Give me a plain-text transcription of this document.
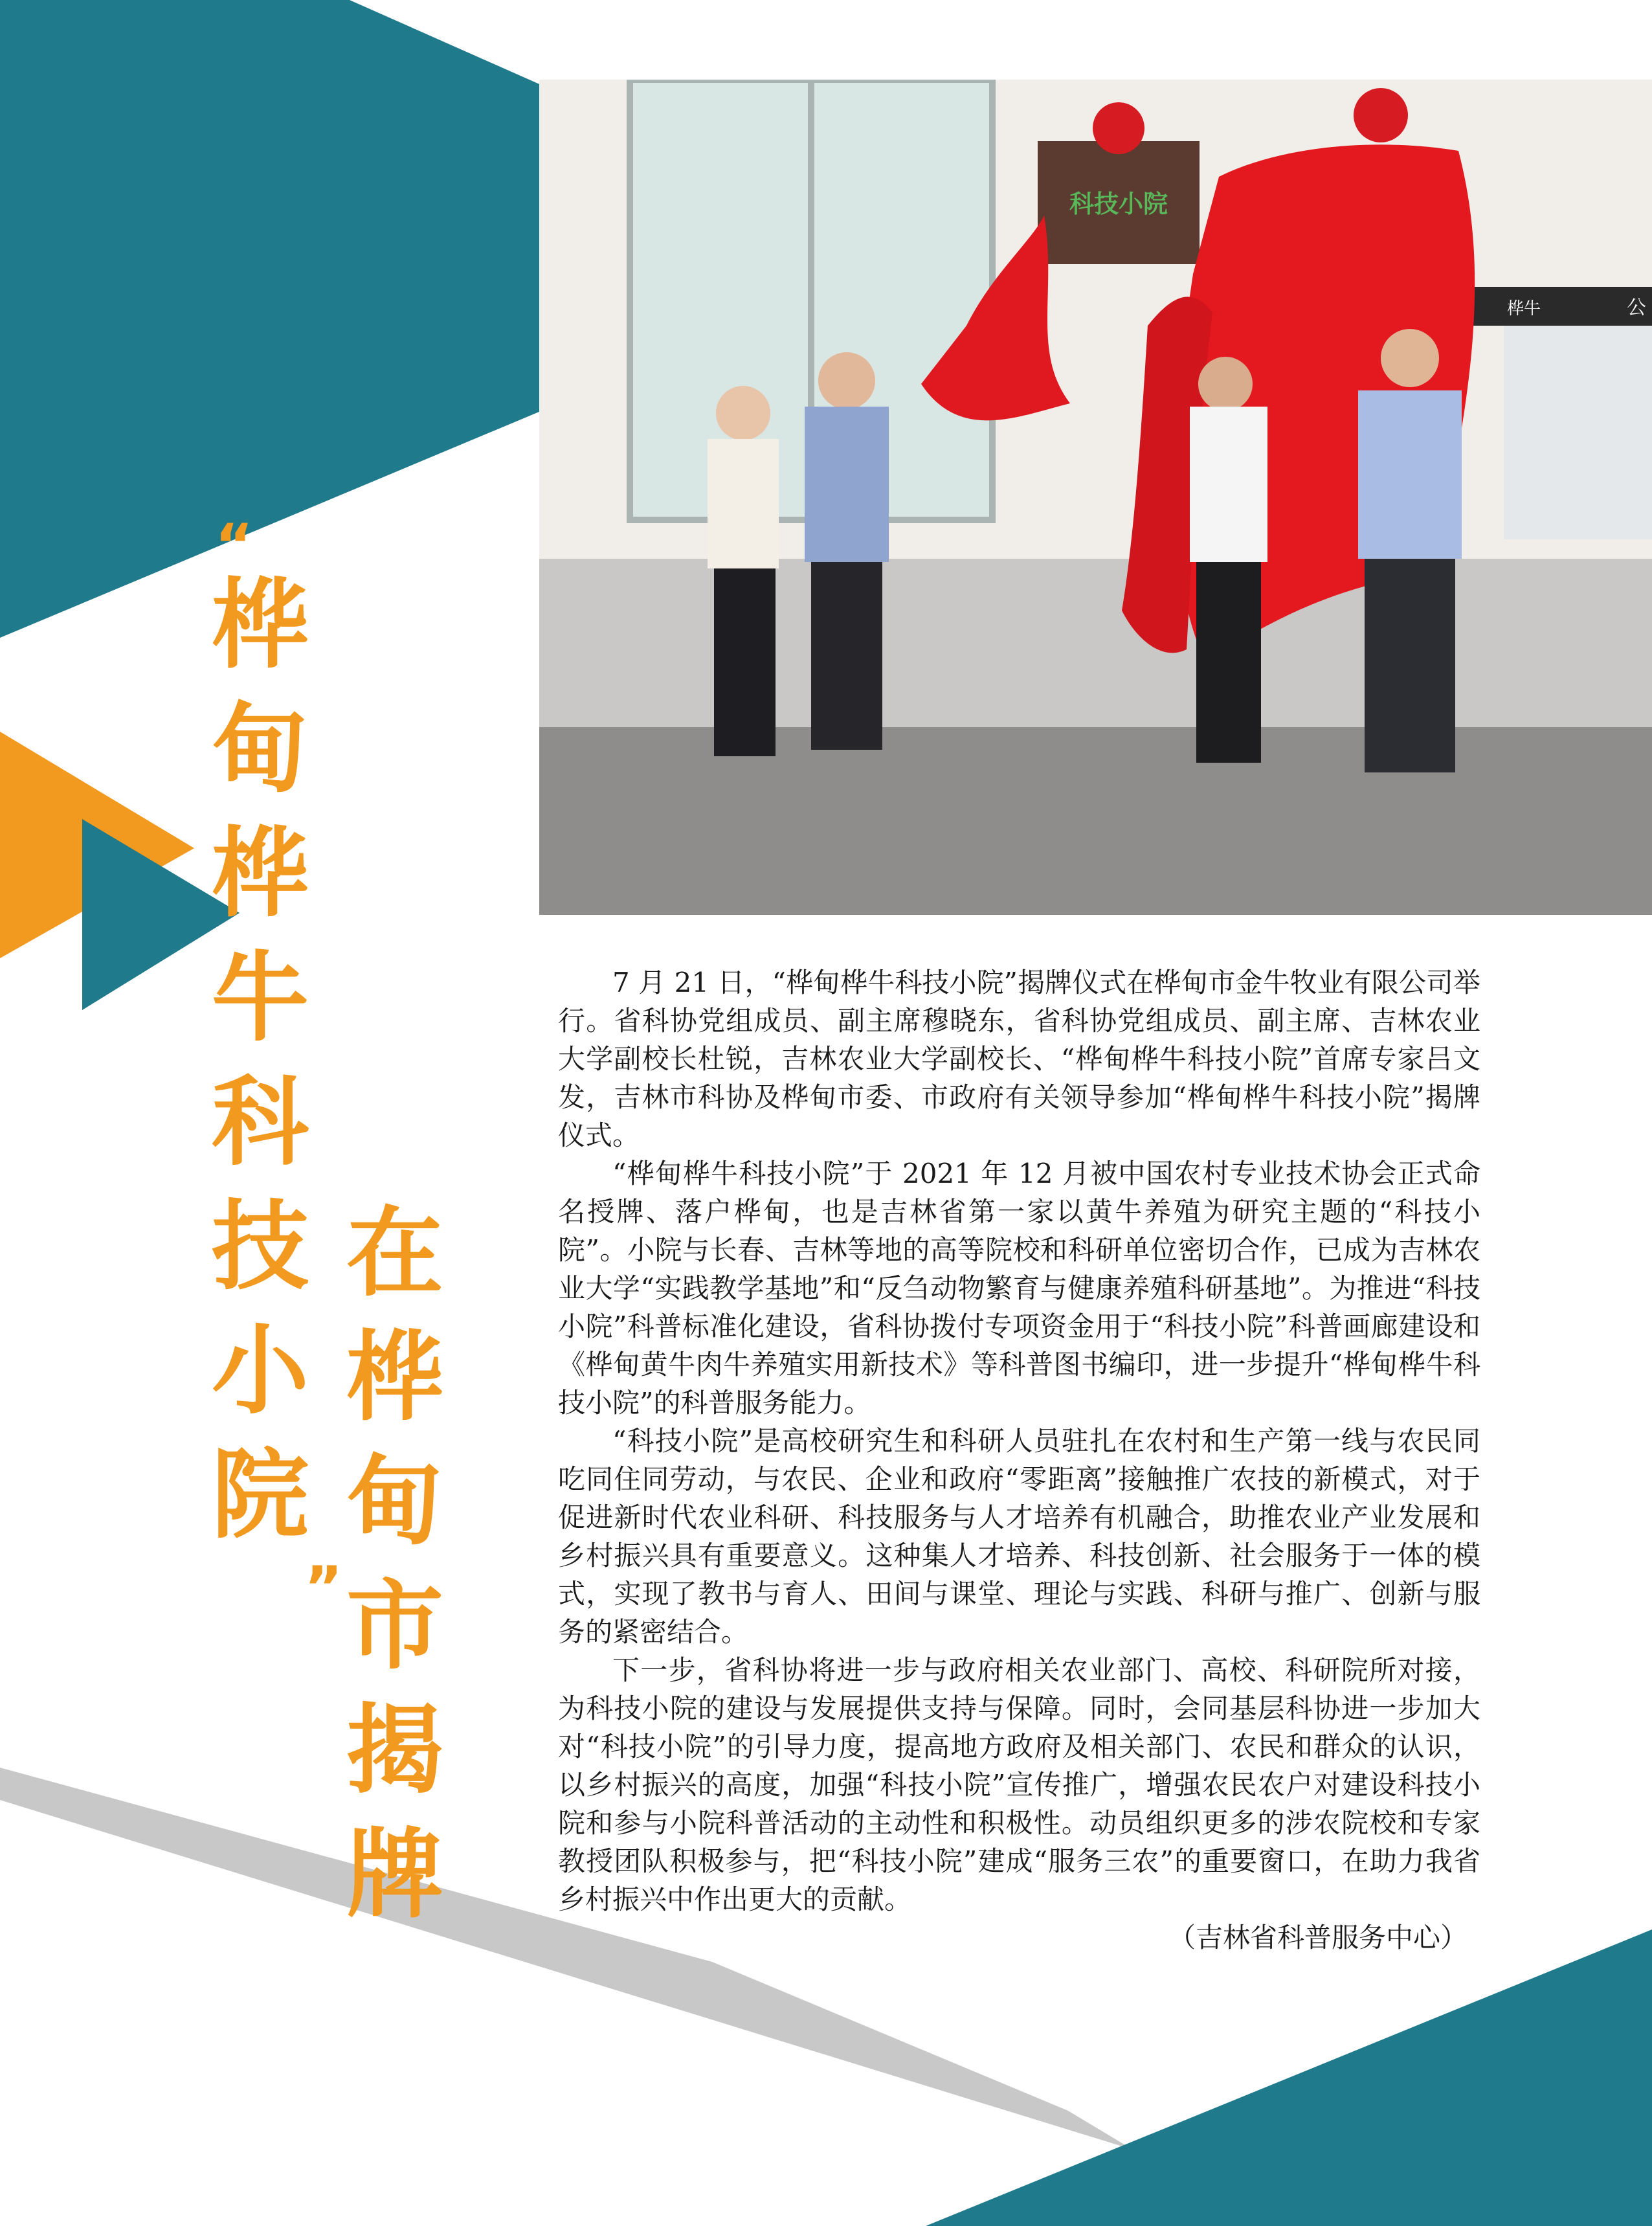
桦牛	公
科技小院
“
桦
甸
桦
牛
科
技
小
院
”
在
桦
甸
市
揭
牌

7 月 21 日，“桦甸桦牛科技小院”揭牌仪式在桦甸市金牛牧业有限公司举行。省科协党组成员、副主席穆晓东，省科协党组成员、副主席、吉林农业大学副校长杜锐，吉林农业大学副校长、“桦甸桦牛科技小院”首席专家吕文发，吉林市科协及桦甸市委、市政府有关领导参加“桦甸桦牛科技小院”揭牌仪式。

“桦甸桦牛科技小院”于 2021 年 12 月被中国农村专业技术协会正式命名授牌、落户桦甸，也是吉林省第一家以黄牛养殖为研究主题的“科技小院”。小院与长春、吉林等地的高等院校和科研单位密切合作，已成为吉林农业大学“实践教学基地”和“反刍动物繁育与健康养殖科研基地”。为推进“科技小院”科普标准化建设，省科协拨付专项资金用于“科技小院”科普画廊建设和《桦甸黄牛肉牛养殖实用新技术》等科普图书编印，进一步提升“桦甸桦牛科技小院”的科普服务能力。

“科技小院”是高校研究生和科研人员驻扎在农村和生产第一线与农民同吃同住同劳动，与农民、企业和政府“零距离”接触推广农技的新模式，对于促进新时代农业科研、科技服务与人才培养有机融合，助推农业产业发展和乡村振兴具有重要意义。这种集人才培养、科技创新、社会服务于一体的模式，实现了教书与育人、田间与课堂、理论与实践、科研与推广、创新与服务的紧密结合。

下一步，省科协将进一步与政府相关农业部门、高校、科研院所对接，为科技小院的建设与发展提供支持与保障。同时，会同基层科协进一步加大对“科技小院”的引导力度，提高地方政府及相关部门、农民和群众的认识，以乡村振兴的高度，加强“科技小院”宣传推广，增强农民农户对建设科技小院和参与小院科普活动的主动性和积极性。动员组织更多的涉农院校和专家教授团队积极参与，把“科技小院”建成“服务三农”的重要窗口，在助力我省乡村振兴中作出更大的贡献。

（吉林省科普服务中心）
